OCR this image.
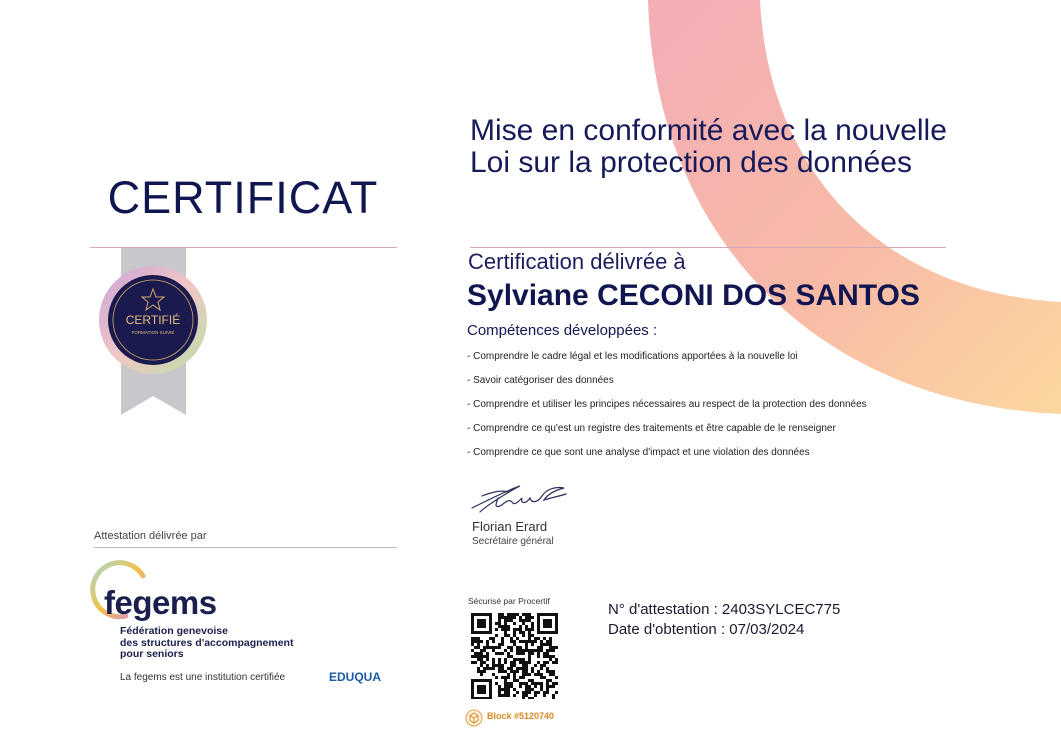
CERTIFICAT
CERTIFIÉ
FORMATION SUIVIE
Attestation délivrée par
fegems
Fédération genevoise
des structures d'accompagnement
pour seniors
La fegems est une institution certifiée	EDUQUA
Mise en conformité avec la nouvelle Loi sur la protection des données
Certification délivrée à
Sylviane CECONI DOS SANTOS
Compétences développées :
- Comprendre le cadre légal et les modifications apportées à la nouvelle loi
- Savoir catégoriser des données
- Comprendre et utiliser les principes nécessaires au respect de la protection des données
- Comprendre ce qu'est un registre des traitements et être capable de le renseigner
- Comprendre ce que sont une analyse d'impact et une violation des données
Florian Erard
Secrétaire général
Sécurisé par Procertif
Block #5120740
N° d'attestation : 2403SYLCEC775
Date d'obtention : 07/03/2024
